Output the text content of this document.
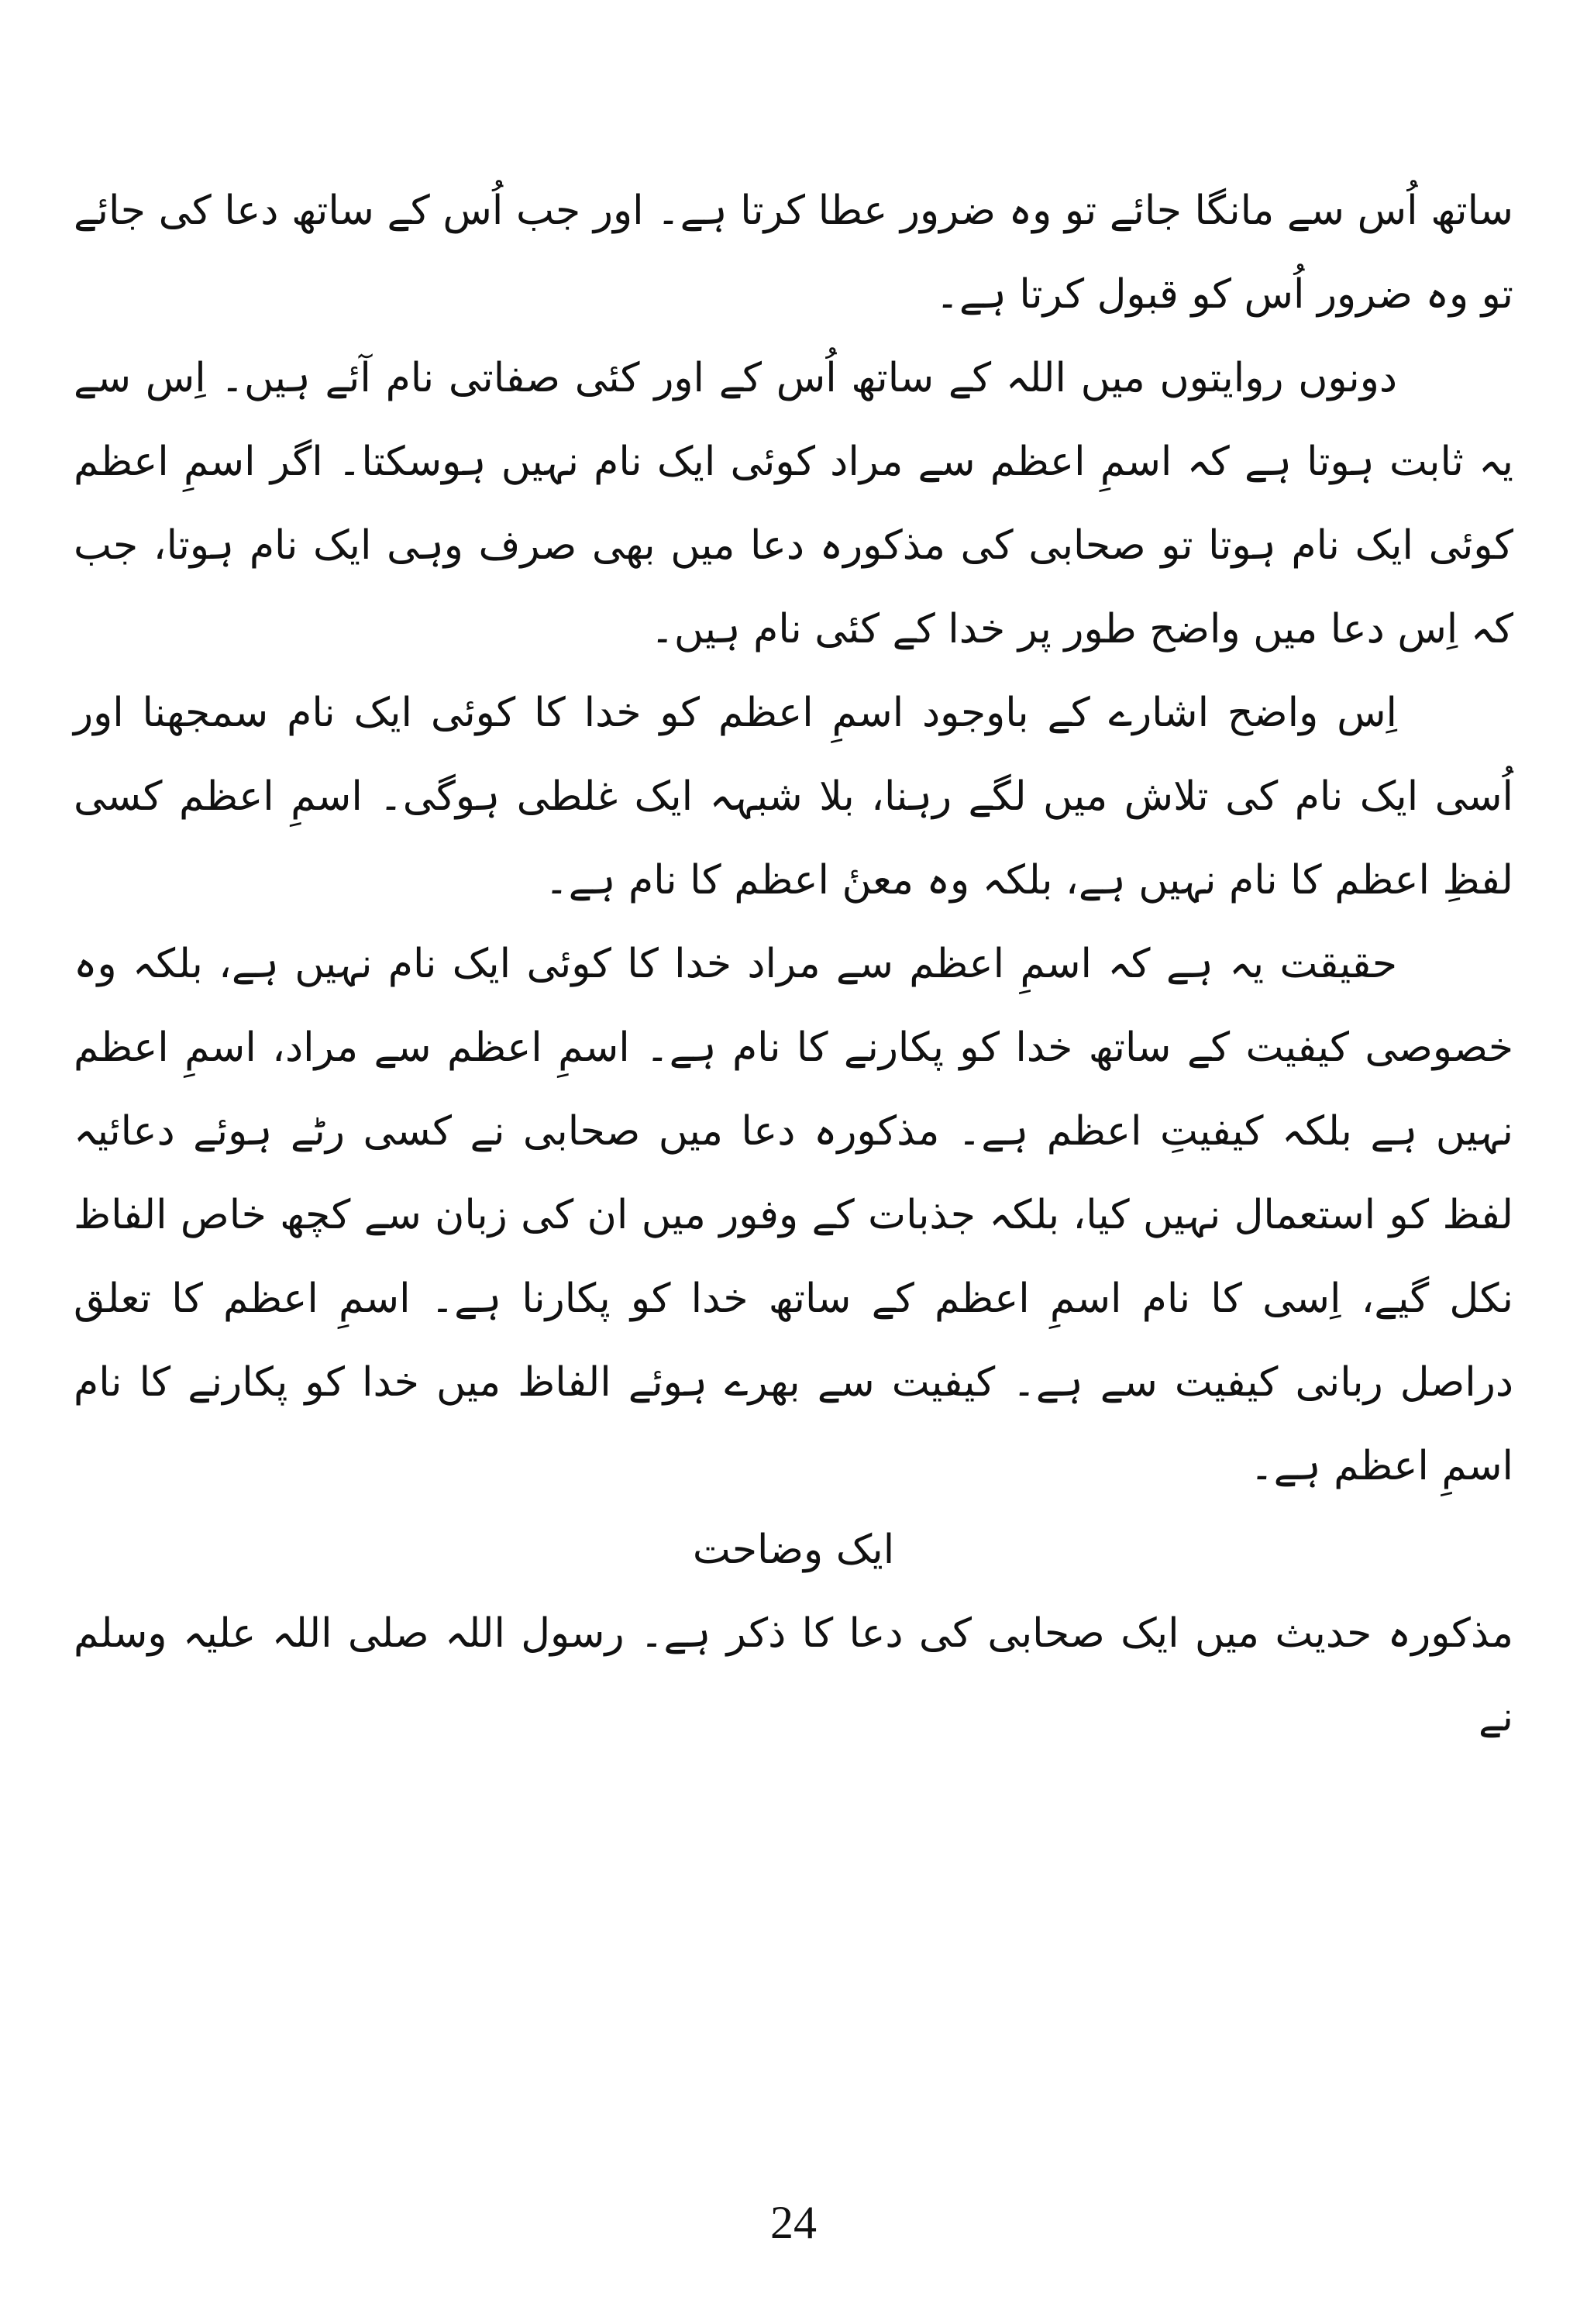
ساتھ اُس سے مانگا جائے تو وہ ضرور عطا کرتا ہے۔ اور جب اُس کے ساتھ دعا کی جائے تو وہ ضرور اُس کو قبول کرتا ہے۔

دونوں روایتوں میں اللہ کے ساتھ اُس کے اور کئی صفاتی نام آئے ہیں۔ اِس سے یہ ثابت ہوتا ہے کہ اسمِ اعظم سے مراد کوئی ایک نام نہیں ہوسکتا۔ اگر اسمِ اعظم کوئی ایک نام ہوتا تو صحابی کی مذکورہ دعا میں بھی صرف وہی ایک نام ہوتا، جب کہ اِس دعا میں واضح طور پر خدا کے کئی نام ہیں۔

اِس واضح اشارے کے باوجود اسمِ اعظم کو خدا کا کوئی ایک نام سمجھنا اور اُسی ایک نام کی تلاش میں لگے رہنا، بلا شبہہ ایک غلطی ہوگی۔ اسمِ اعظم کسی لفظِ اعظم کا نام نہیں ہے، بلکہ وہ معنٔ اعظم کا نام ہے۔

حقیقت یہ ہے کہ اسمِ اعظم سے مراد خدا کا کوئی ایک نام نہیں ہے، بلکہ وہ خصوصی کیفیت کے ساتھ خدا کو پکارنے کا نام ہے۔ اسمِ اعظم سے مراد، اسمِ اعظم نہیں ہے بلکہ کیفیتِ اعظم ہے۔ مذکورہ دعا میں صحابی نے کسی رٹے ہوئے دعائیہ لفظ کو استعمال نہیں کیا، بلکہ جذبات کے وفور میں ان کی زبان سے کچھ خاص الفاظ نکل گیے، اِسی کا نام اسمِ اعظم کے ساتھ خدا کو پکارنا ہے۔ اسمِ اعظم کا تعلق دراصل ربانی کیفیت سے ہے۔ کیفیت سے بھرے ہوئے الفاظ میں خدا کو پکارنے کا نام اسمِ اعظم ہے۔

ایک وضاحت

مذکورہ حدیث میں ایک صحابی کی دعا کا ذکر ہے۔ رسول اللہ صلی اللہ علیہ وسلم نے

24
